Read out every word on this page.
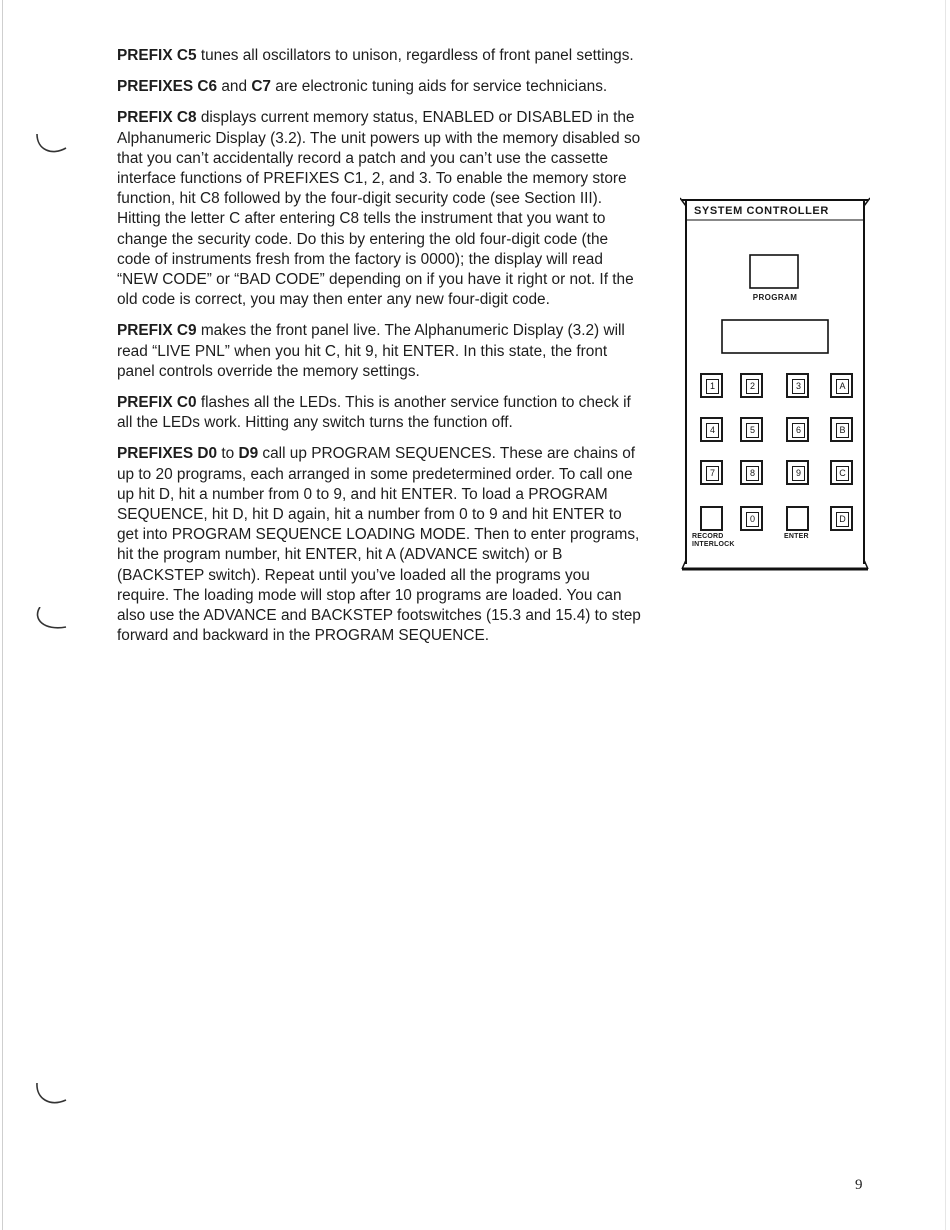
PREFIX C5 tunes all oscillators to unison, regardless of front panel settings.

PREFIXES C6 and C7 are electronic tuning aids for service technicians.

PREFIX C8 displays current memory status, ENABLED or DISABLED in the Alphanumeric Display (3.2). The unit powers up with the memory disabled so that you can’t accidentally record a patch and you can’t use the cassette interface functions of PREFIXES C1, 2, and 3. To enable the memory store function, hit C8 followed by the four-digit security code (see Section III). Hitting the letter C after entering C8 tells the instrument that you want to change the security code. Do this by entering the old four-digit code (the code of instruments fresh from the factory is 0000); the display will read “NEW CODE” or “BAD CODE” depending on if you have it right or not. If the old code is correct, you may then enter any new four-digit code.

PREFIX C9 makes the front panel live. The Alphanumeric Display (3.2) will read “LIVE PNL” when you hit C, hit 9, hit ENTER. In this state, the front panel controls override the memory settings.

PREFIX C0 flashes all the LEDs. This is another service function to check if all the LEDs work. Hitting any switch turns the function off.

PREFIXES D0 to D9 call up PROGRAM SEQUENCES. These are chains of up to 20 programs, each arranged in some predetermined order. To call one up hit D, hit a number from 0 to 9, and hit ENTER. To load a PROGRAM SEQUENCE, hit D, hit D again, hit a number from 0 to 9 and hit ENTER to get into PROGRAM SEQUENCE LOADING MODE. Then to enter programs, hit the program number, hit ENTER, hit A (ADVANCE switch) or B (BACKSTEP switch). Repeat until you’ve loaded all the programs you require. The loading mode will stop after 10 programs are loaded. You can also use the ADVANCE and BACKSTEP footswitches (15.3 and 15.4) to step forward and backward in the PROGRAM SEQUENCE.

SYSTEM CONTROLLER
PROGRAM
1	2	3	A
4	5	6	B
7	8	9	C
0	D
RECORD
INTERLOCK
ENTER
9
